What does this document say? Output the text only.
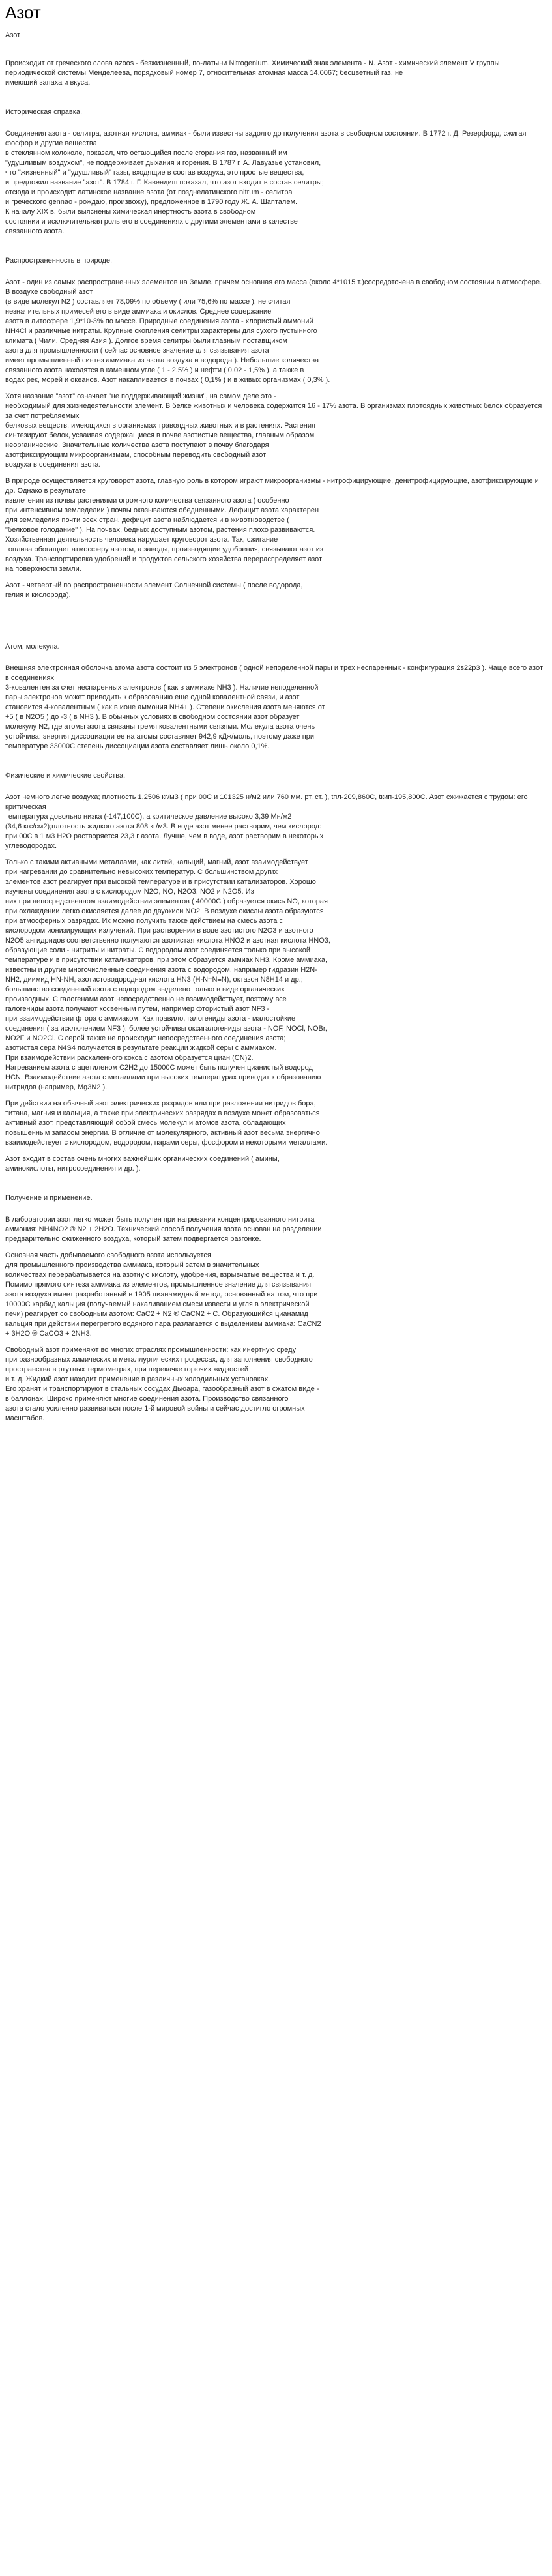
Азот

Азот

Происходит от греческого слова azoos - безжизненный, по-латыни Nitrogenium. Химический знак элемента - N. Азот - химический элемент V группы периодической системы Менделеева, порядковый номер 7, относительная атомная масса 14,0067; бесцветный газ, не
имеющий запаха и вкуса.

Историческая справка.

Соединения азота - селитра, азотная кислота, аммиак - были известны задолго до получения азота в свободном состоянии. В 1772 г. Д. Резерфорд, сжигая фосфор и другие вещества
в стеклянном колоколе, показал, что остающийся после сгорания газ, названный им
"удушливым воздухом", не поддерживает дыхания и горения. В 1787 г. А. Лавуазье установил,
что "жизненный" и "удушливый" газы, входящие в состав воздуха, это простые вещества,
и предложил название "азот". В 1784 г. Г. Кавендиш показал, что азот входит в состав селитры;
отсюда и происходит латинское название азота (от позднелатинского nitrum - селитра
и греческого gennao - рождаю, произвожу), предложенное в 1790 году Ж. А. Шапталем.
К началу XIX в. были выяснены химическая инертность азота в свободном
состоянии и исключительная роль его в соединениях с другими элементами в качестве
связанного азота.

Распространенность в природе.

Азот - один из самых распространенных элементов на Земле, причем основная его масса (около 4*1015 т.)сосредоточена в свободном состоянии в атмосфере. В воздухе свободный азот
(в виде молекул N2 ) составляет 78,09% по объему ( или 75,6% по массе ), не считая
незначительных примесей его в виде аммиака и окислов. Среднее содержание
азота в литосфере 1,9*10-3% по массе. Природные соединения азота - хлористый аммоний
NH4Cl и различные нитраты. Крупные скопления селитры характерны для сухого пустынного
климата ( Чили, Средняя Азия ). Долгое время селитры были главным поставщиком
азота для промышленности ( сейчас основное значение для связывания азота
имеет промышленный синтез аммиака из азота воздуха и водорода ). Небольшие количества
связанного азота находятся в каменном угле ( 1 - 2,5% ) и нефти ( 0,02 - 1,5% ), а также в
водах рек, морей и океанов. Азот накапливается в почвах ( 0,1% ) и в живых организмах ( 0,3% ).

Хотя название "азот" означает "не поддерживающий жизни", на самом деле это -
необходимый для жизнедеятельности элемент. В белке животных и человека содержится 16 - 17% азота. В организмах плотоядных животных белок образуется за счет потребляемых
белковых веществ, имеющихся в организмах травоядных животных и в растениях. Растения
синтезируют белок, усваивая содержащиеся в почве азотистые вещества, главным образом
неорганические. Значительные количества азота поступают в почву благодаря
азотфиксирующим микроорганизмам, способным переводить свободный азот
воздуха в соединения азота.

В природе осуществляется круговорот азота, главную роль в котором играют микроорганизмы - нитрофицирующие, денитрофицирующие, азотфиксирующие и др. Однако в результате
извлечения из почвы растениями огромного количества связанного азота ( особенно
при интенсивном земледелии ) почвы оказываются обедненными. Дефицит азота характерен
для земледелия почти всех стран, дефицит азота наблюдается и в животноводстве (
"белковое голодание" ). На почвах, бедных доступным азотом, растения плохо развиваются.
Хозяйственная деятельность человека нарушает круговорот азота. Так, сжигание
топлива обогащает атмосферу азотом, а заводы, производящие удобрения, связывают азот из
воздуха. Транспортировка удобрений и продуктов сельского хозяйства перераспределяет азот
на поверхности земли.

Азот - четвертый по распространенности элемент Солнечной системы ( после водорода,
гелия и кислорода).

Атом, молекула.

Внешняя электронная оболочка атома азота состоит из 5 электронов ( одной неподеленной пары и трех неспаренных - конфигурация 2s22p3 ). Чаще всего азот в соединениях
3-ковалентен за счет неспаренных электронов ( как в аммиаке NH3 ). Наличие неподеленной
пары электронов может приводить к образованию еще одной ковалентной связи, и азот
становится 4-ковалентным ( как в ионе аммония NH4+ ). Степени окисления азота меняются от
+5 ( в N2O5 ) до -3 ( в NH3 ). В обычных условиях в свободном состоянии азот образует
молекулу N2, где атомы азота связаны тремя ковалентными связями. Молекула азота очень
устойчива: энергия диссоциации ее на атомы составляет 942,9 кДж/моль, поэтому даже при
температуре 33000С степень диссоциации азота составляет лишь около 0,1%.

Физические и химические свойства.

Азот немного легче воздуха; плотность 1,2506 кг/м3 ( при 00С и 101325 н/м2 или 760 мм. рт. ст. ), tпл-209,860С, tкип-195,800С. Азот сжижается с трудом: его критическая
температура довольно низка (-147,100С), а критическое давление высоко 3,39 Мн/м2
(34,6 кгс/см2);плотность жидкого азота 808 кг/м3. В воде азот менее растворим, чем кислород:
при 00С в 1 м3 Н2О растворяется 23,3 г азота. Лучше, чем в воде, азот растворим в некоторых
углеводородах.

Только с такими активными металлами, как литий, кальций, магний, азот взаимодействует
при нагревании до сравнительно невысоких температур. С большинством других
элементов азот реагирует при высокой температуре и в присутствии катализаторов. Хорошо
изучены соединения азота с кислородом N2O, NO, N2O3, NO2 и N2O5. Из
них при непосредственном взаимодействии элементов ( 40000С ) образуется окись NO, которая
при охлаждении легко окисляется далее до двуокиси NO2. В воздухе окислы азота образуются
при атмосферных разрядах. Их можно получить также действием на смесь азота с
кислородом ионизирующих излучений. При растворении в воде азотистого N2O3 и азотного
N2O5 ангидридов соответственно получаются азотистая кислота HNO2 и азотная кислота HNO3,
образующие соли - нитриты и нитраты. С водородом азот соединяется только при высокой
температуре и в присутствии катализаторов, при этом образуется аммиак NH3. Кроме аммиака,
известны и другие многочисленные соединения азота с водородом, например гидразин H2N-
NH2, диимид HN-NH, азотистоводородная кислота HN3 (H-N=N≡N), октазон N8H14 и др.;
большинство соединений азота с водородом выделено только в виде органических
производных. С галогенами азот непосредственно не взаимодействует, поэтому все
галогениды азота получают косвенным путем, например фтористый азот NF3 -
при взаимодействии фтора с аммиаком. Как правило, галогениды азота - малостойкие
соединения ( за исключением NF3 ); более устойчивы оксигалогениды азота - NOF, NOCl, NOBr,
NO2F и NO2Cl. С серой также не происходит непосредственного соединения азота;
азотистая сера N4S4 получается в результате реакции жидкой серы с аммиаком.
При взаимодействии раскаленного кокса с азотом образуется циан (CN)2.
Нагреванием азота с ацетиленом C2H2 до 15000С может быть получен цианистый водород
HCN. Взаимодействие азота с металлами при высоких температурах приводит к образованию
нитридов (например, Mg3N2 ).

При действии на обычный азот электрических разрядов или при разложении нитридов бора,
титана, магния и кальция, а также при электрических разрядах в воздухе может образоваться
активный азот, представляющий собой смесь молекул и атомов азота, обладающих
повышенным запасом энергии. В отличие от молекулярного, активный азот весьма энергично
взаимодействует с кислородом, водородом, парами серы, фосфором и некоторыми металлами.

Азот входит в состав очень многих важнейших органических соединений ( амины,
аминокислоты, нитросоединения и др. ).

Получение и применение.

В лаборатории азот легко может быть получен при нагревании концентрированного нитрита
аммония: NH4NO2 ® N2 + 2H2O. Технический способ получения азота основан на разделении
предварительно сжиженного воздуха, который затем подвергается разгонке.

Основная часть добываемого свободного азота используется
для промышленного производства аммиака, который затем в значительных
количествах перерабатывается на азотную кислоту, удобрения, взрывчатые вещества и т. д.
Помимо прямого синтеза аммиака из элементов, промышленное значение для связывания
азота воздуха имеет разработанный в 1905 цианамидный метод, основанный на том, что при
10000С карбид кальция (получаемый накаливанием смеси извести и угля в электрической
печи) реагирует со свободным азотом: CaC2 + N2 ® CaCN2 + C. Образующийся цианамид
кальция при действии перегретого водяного пара разлагается с выделением аммиака: CaCN2
+ 3H2O ® CaCO3 + 2NH3.

Свободный азот применяют во многих отраслях промышленности: как инертную среду
при разнообразных химических и металлургических процессах, для заполнения свободного
пространства в ртутных термометрах, при перекачке горючих жидкостей
и т. д. Жидкий азот находит применение в различных холодильных установках.
Его хранят и транспортируют в стальных сосудах Дьюара, газообразный азот в сжатом виде -
в баллонах. Широко применяют многие соединения азота. Производство связанного
азота стало усиленно развиваться после 1-й мировой войны и сейчас достигло огромных
масштабов.
